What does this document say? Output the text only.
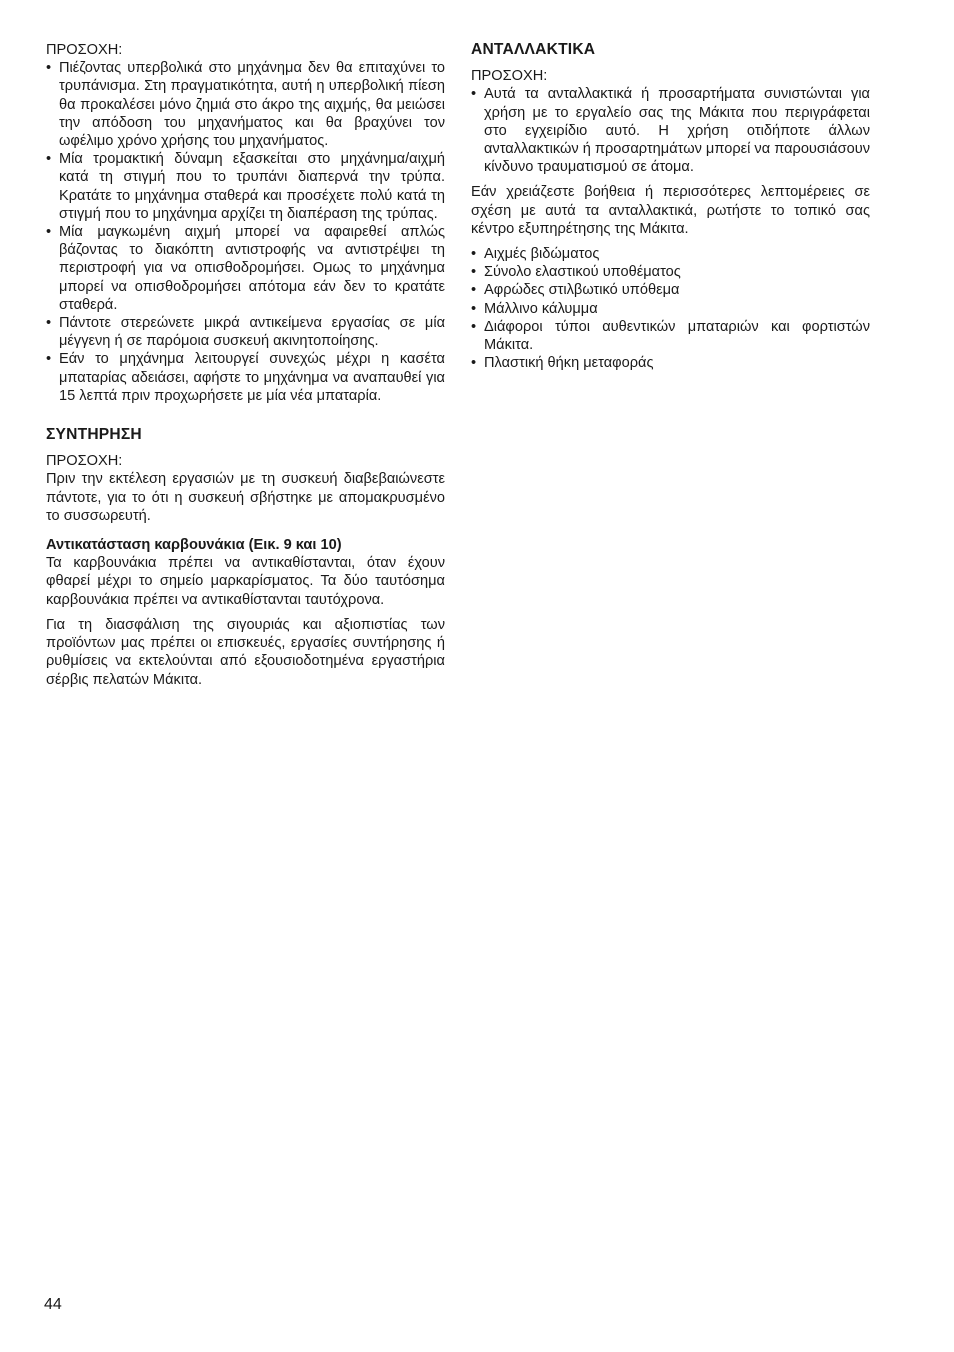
ΠΡΟΣΟΧΗ:
• Πιέζοντας υπερβολικά στο μηχάνημα δεν θα επιταχύνει το τρυπάνισμα. Στη πραγματικότητα, αυτή η υπερβολική πίεση θα προκαλέσει μόνο ζημιά στο άκρο της αιχμής, θα μειώσει την απόδοση του μηχανήματος και θα βραχύνει τον ωφέλιμο χρόνο χρήσης του μηχανήματος.
• Μία τρομακτική δύναμη εξασκείται στο μηχάνημα/αιχμή κατά τη στιγμή που το τρυπάνι διαπερνά την τρύπα. Κρατάτε το μηχάνημα σταθερά και προσέχετε πολύ κατά τη στιγμή που το μηχάνημα αρχίζει τη διαπέραση της τρύπας.
• Μία μαγκωμένη αιχμή μπορεί να αφαιρεθεί απλώς βάζοντας το διακόπτη αντιστροφής να αντιστρέψει τη περιστροφή για να οπισθοδρομήσει. Ομως το μηχάνημα μπορεί να οπισθοδρομήσει απότομα εάν δεν το κρατάτε σταθερά.
• Πάντοτε στερεώνετε μικρά αντικείμενα εργασίας σε μία μέγγενη ή σε παρόμοια συσκευή ακινητοποίησης.
• Εάν το μηχάνημα λειτουργεί συνεχώς μέχρι η κασέτα μπαταρίας αδειάσει, αφήστε το μηχάνημα να αναπαυθεί για 15 λεπτά πριν προχωρήσετε με μία νέα μπαταρία.
ΣΥΝΤΗΡΗΣΗ
ΠΡΟΣΟΧΗ:

Πριν την εκτέλεση εργασιών με τη συσκευή διαβεβαιώνεστε πάντοτε, για το ότι η συσκευή σβήστηκε με απομακρυσμένο το συσσωρευτή.

Αντικατάσταση καρβουνάκια (Εικ. 9 και 10)

Τα καρβουνάκια πρέπει να αντικαθίστανται, όταν έχουν φθαρεί μέχρι το σημείο μαρκαρίσματος. Τα δύο ταυτόσημα καρβουνάκια πρέπει να αντικαθίστανται ταυτόχρονα.

Για τη διασφάλιση της σιγουριάς και αξιοπιστίας των προϊόντων μας πρέπει οι επισκευές, εργασίες συντήρησης ή ρυθμίσεις να εκτελούνται από εξουσιοδοτημένα εργαστήρια σέρβις πελατών Μάκιτα.

ΑΝΤΑΛΛΑΚΤΙΚΑ
ΠΡΟΣΟΧΗ:
• Αυτά τα ανταλλακτικά ή προσαρτήματα συνιστώνται για χρήση με το εργαλείο σας της Μάκιτα που περιγράφεται στο εγχειρίδιο αυτό. Η χρήση οτιδήποτε άλλων ανταλλακτικών ή προσαρτημάτων μπορεί να παρουσιάσουν κίνδυνο τραυματισμού σε άτομα.

Εάν χρειάζεστε βοήθεια ή περισσότερες λεπτομέρειες σε σχέση με αυτά τα ανταλλακτικά, ρωτήστε το τοπικό σας κέντρο εξυπηρέτησης της Μάκιτα.

• Αιχμές βιδώματος
• Σύνολο ελαστικού υποθέματος
• Αφρώδες στιλβωτικό υπόθεμα
• Μάλλινο κάλυμμα
• Διάφοροι τύποι αυθεντικών μπαταριών και φορτιστών Μάκιτα.
• Πλαστική θήκη μεταφοράς
44
